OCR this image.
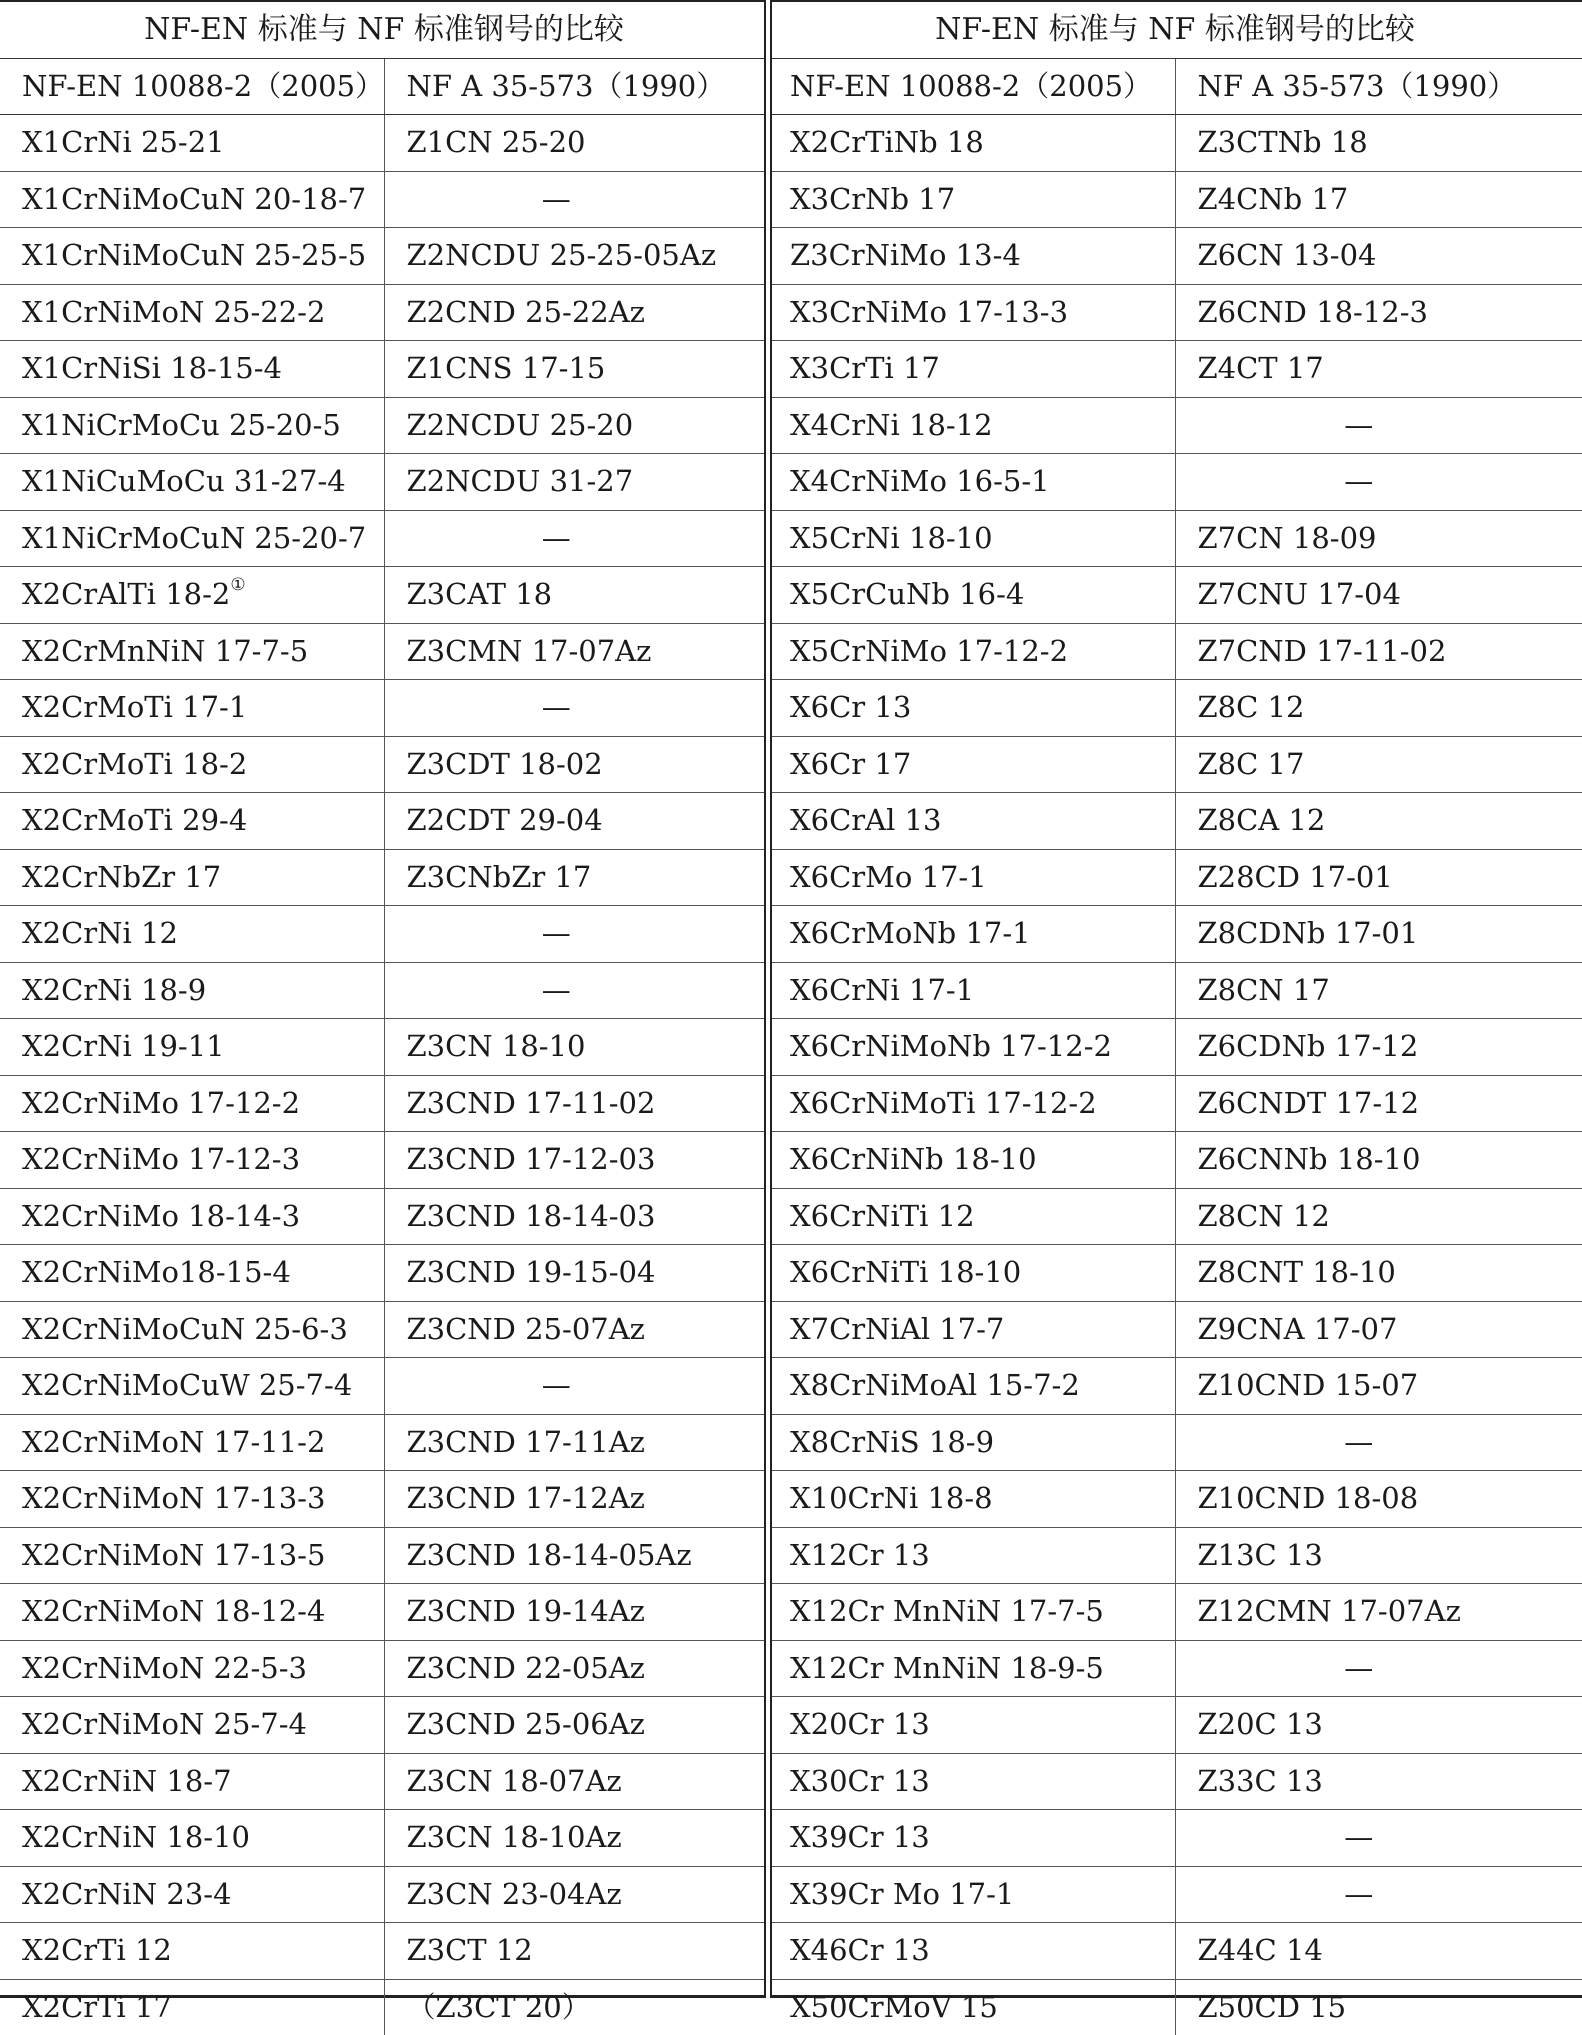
NF-EN 标准与 NF 标准钢号的比较	
NF-EN 10088-2（2005）	NF A 35-573（1990）
X1CrNi 25-21	Z1CN 25-20
X1CrNiMoCuN 20-18-7	—
X1CrNiMoCuN 25-25-5	Z2NCDU 25-25-05Az
X1CrNiMoN 25-22-2	Z2CND 25-22Az
X1CrNiSi 18-15-4	Z1CNS 17-15
X1NiCrMoCu 25-20-5	Z2NCDU 25-20
X1NiCuMoCu 31-27-4	Z2NCDU 31-27
X1NiCrMoCuN 25-20-7	—
X2CrAlTi 18-2①	Z3CAT 18
X2CrMnNiN 17-7-5	Z3CMN 17-07Az
X2CrMoTi 17-1	—
X2CrMoTi 18-2	Z3CDT 18-02
X2CrMoTi 29-4	Z2CDT 29-04
X2CrNbZr 17	Z3CNbZr 17
X2CrNi 12	—
X2CrNi 18-9	—
X2CrNi 19-11	Z3CN 18-10
X2CrNiMo 17-12-2	Z3CND 17-11-02
X2CrNiMo 17-12-3	Z3CND 17-12-03
X2CrNiMo 18-14-3	Z3CND 18-14-03
X2CrNiMo18-15-4	Z3CND 19-15-04
X2CrNiMoCuN 25-6-3	Z3CND 25-07Az
X2CrNiMoCuW 25-7-4	—
X2CrNiMoN 17-11-2	Z3CND 17-11Az
X2CrNiMoN 17-13-3	Z3CND 17-12Az
X2CrNiMoN 17-13-5	Z3CND 18-14-05Az
X2CrNiMoN 18-12-4	Z3CND 19-14Az
X2CrNiMoN 22-5-3	Z3CND 22-05Az
X2CrNiMoN 25-7-4	Z3CND 25-06Az
X2CrNiN 18-7	Z3CN 18-07Az
X2CrNiN 18-10	Z3CN 18-10Az
X2CrNiN 23-4	Z3CN 23-04Az
X2CrTi 12	Z3CT 12
X2CrTi 17	（Z3CT 20）
NF-EN 标准与 NF 标准钢号的比较	
NF-EN 10088-2（2005）	NF A 35-573（1990）
X2CrTiNb 18	Z3CTNb 18
X3CrNb 17	Z4CNb 17
Z3CrNiMo 13-4	Z6CN 13-04
X3CrNiMo 17-13-3	Z6CND 18-12-3
X3CrTi 17	Z4CT 17
X4CrNi 18-12	—
X4CrNiMo 16-5-1	—
X5CrNi 18-10	Z7CN 18-09
X5CrCuNb 16-4	Z7CNU 17-04
X5CrNiMo 17-12-2	Z7CND 17-11-02
X6Cr 13	Z8C 12
X6Cr 17	Z8C 17
X6CrAl 13	Z8CA 12
X6CrMo 17-1	Z28CD 17-01
X6CrMoNb 17-1	Z8CDNb 17-01
X6CrNi 17-1	Z8CN 17
X6CrNiMoNb 17-12-2	Z6CDNb 17-12
X6CrNiMoTi 17-12-2	Z6CNDT 17-12
X6CrNiNb 18-10	Z6CNNb 18-10
X6CrNiTi 12	Z8CN 12
X6CrNiTi 18-10	Z8CNT 18-10
X7CrNiAl 17-7	Z9CNA 17-07
X8CrNiMoAl 15-7-2	Z10CND 15-07
X8CrNiS 18-9	—
X10CrNi 18-8	Z10CND 18-08
X12Cr 13	Z13C 13
X12Cr MnNiN 17-7-5	Z12CMN 17-07Az
X12Cr MnNiN 18-9-5	—
X20Cr 13	Z20C 13
X30Cr 13	Z33C 13
X39Cr 13	—
X39Cr Mo 17-1	—
X46Cr 13	Z44C 14
X50CrMoV 15	Z50CD 15
